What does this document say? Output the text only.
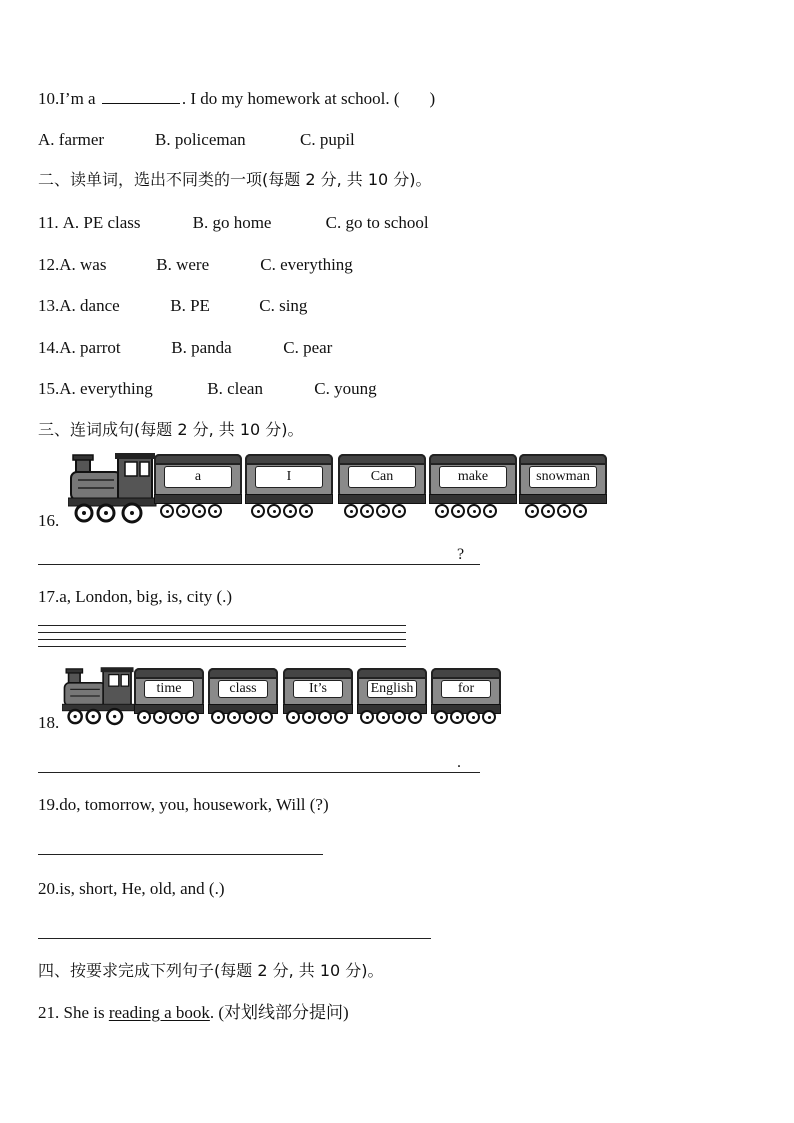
10.I’m a	. I do my homework at school. ( )
A. farmer	B. policeman	C. pupil
二、读单词，选出不同类的一项(每题 2 分, 共 10 分)。
11. A. PE class	B. go home	C. go to school
12.A. was	B. were	C. everything
13.A. dance	B. PE	C. sing
14.A. parrot	B. panda	C. pear
15.A. everything	B. clean	C. young
三、连词成句(每题 2 分, 共 10 分)。
16.
a	I	Can	make	snowman
?
17.a, London, big, is, city (.)
18.
time	class	It’s	English	for
.
19.do, tomorrow, you, housework, Will (?)
20.is, short, He, old, and (.)
四、按要求完成下列句子(每题 2 分, 共 10 分)。
21. She is reading a book. (对划线部分提问)
